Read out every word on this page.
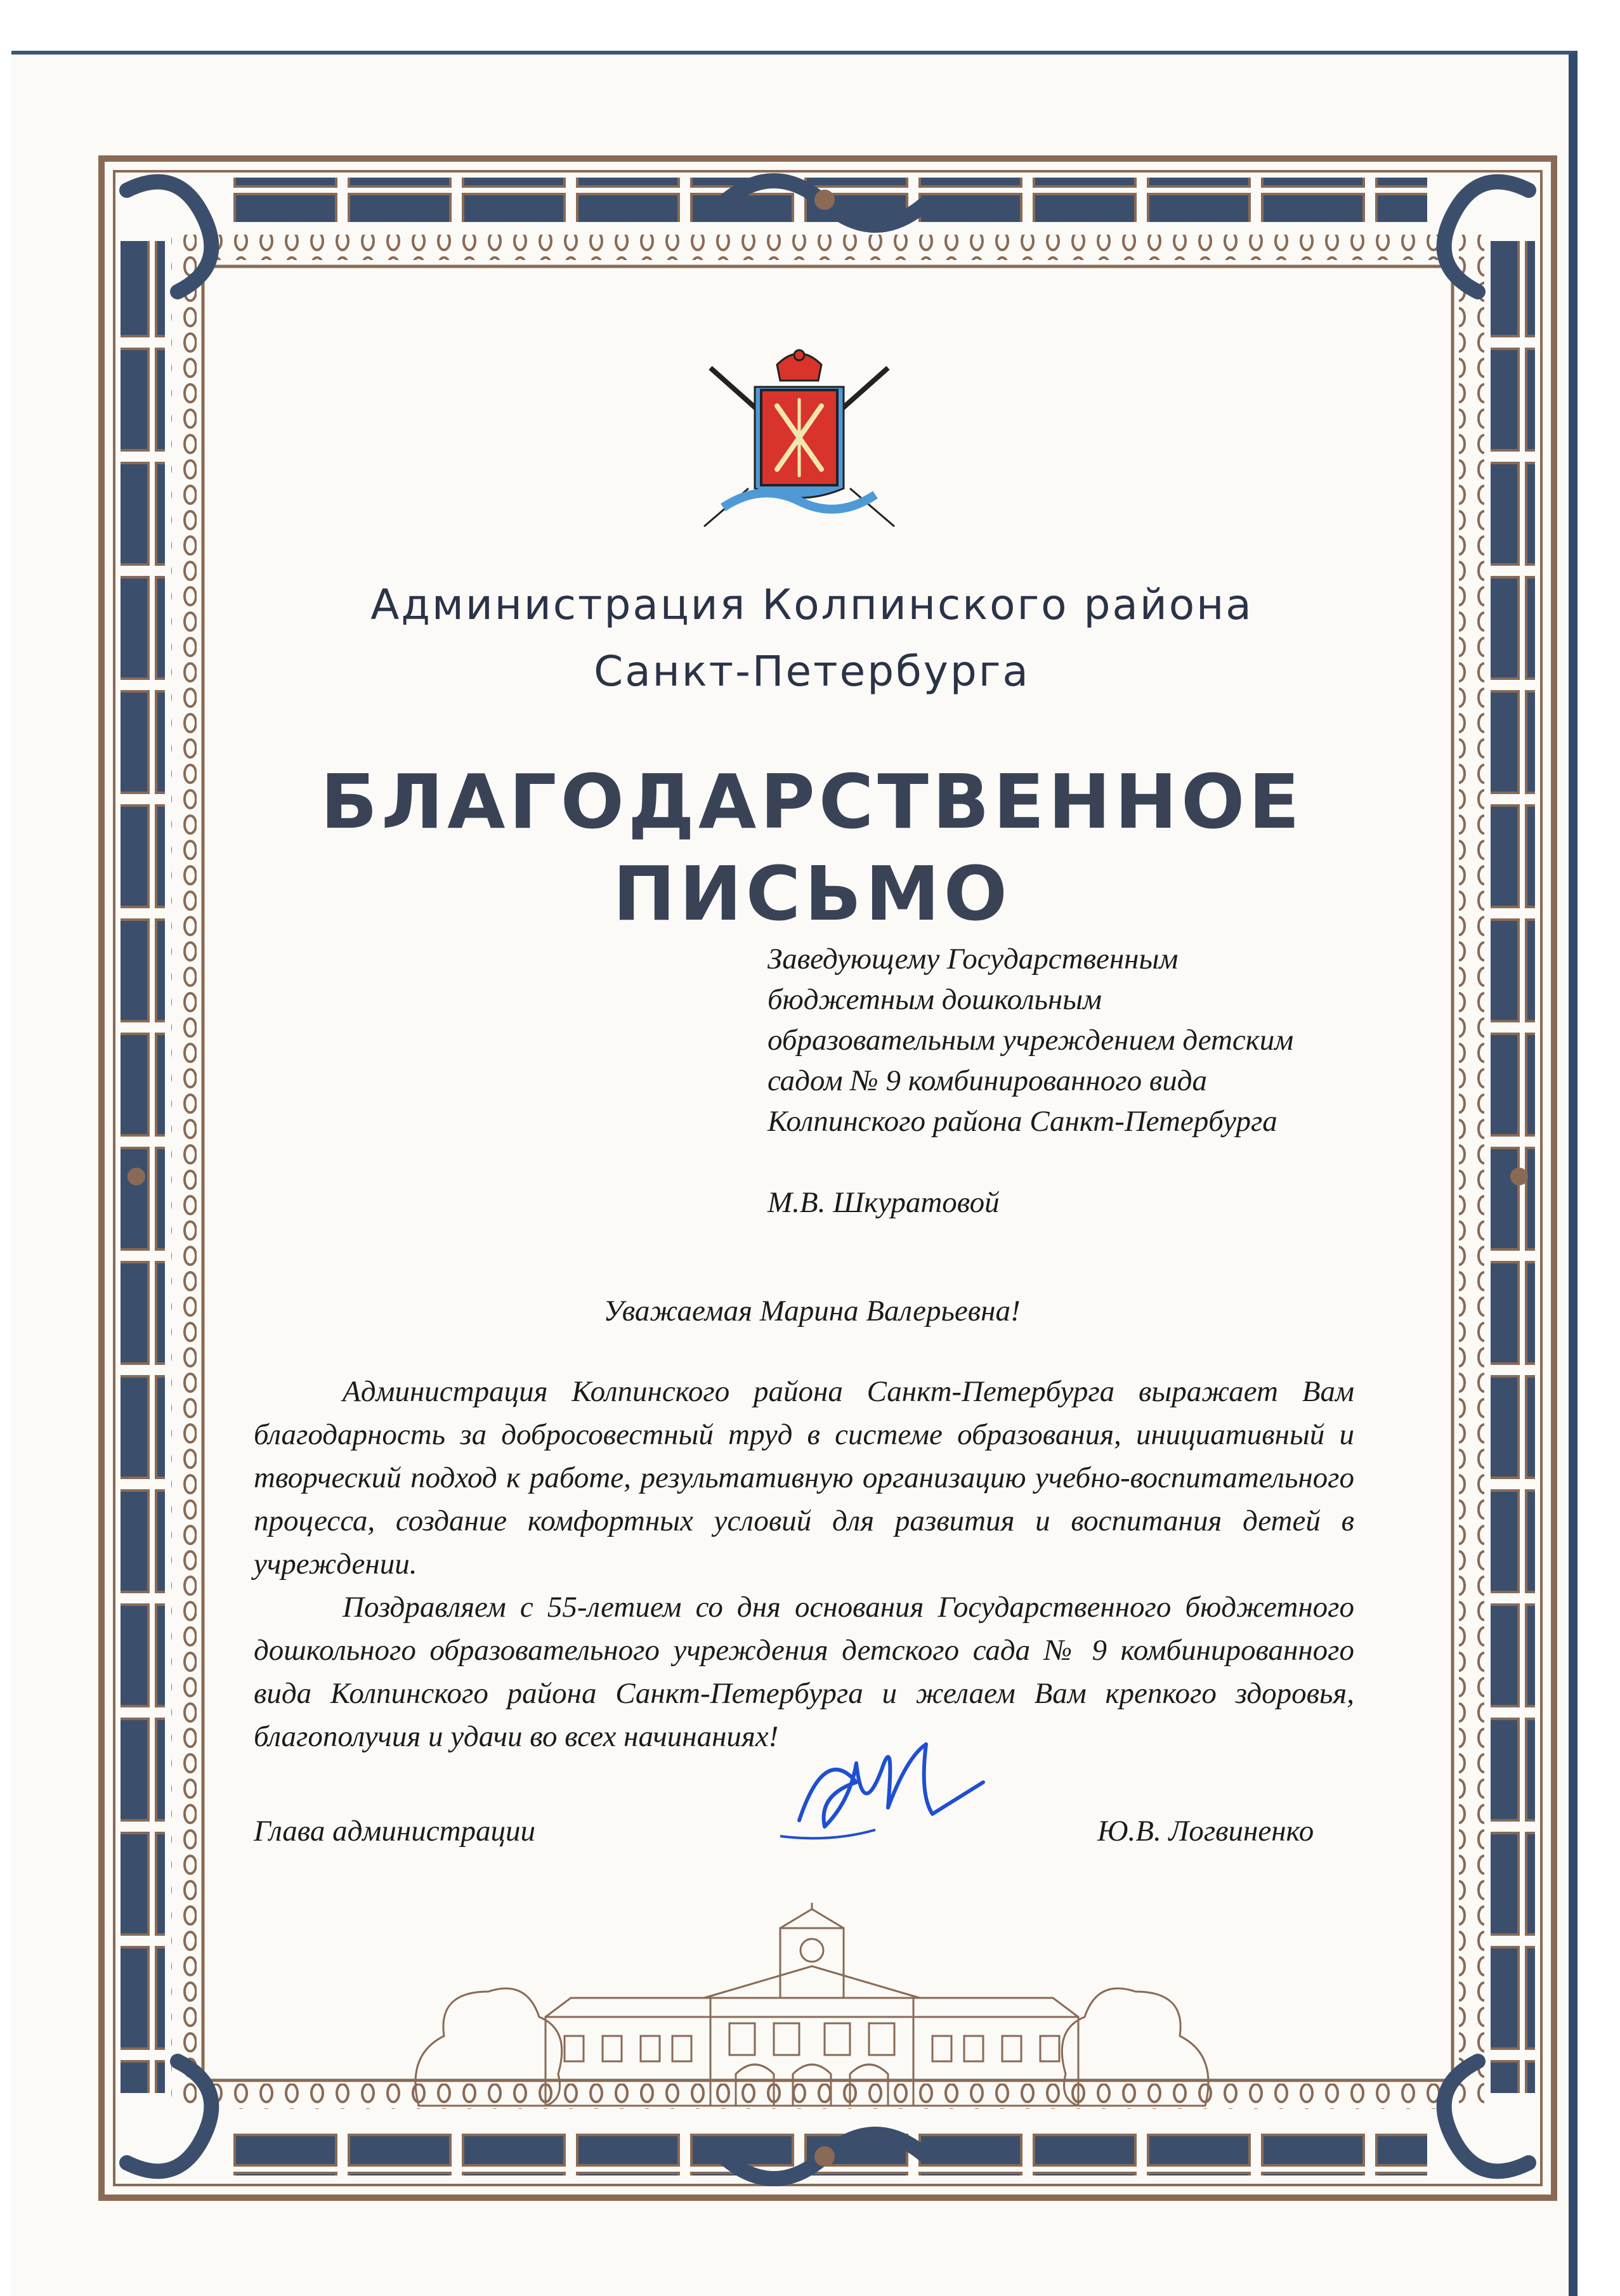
Администрация Колпинского района
Санкт-Петербурга
БЛАГОДАРСТВЕННОЕ
ПИСЬМО
Заведующему Государственным
бюджетным дошкольным
образовательным учреждением детским
садом № 9 комбинированного вида
Колпинского района Санкт-Петербурга
М.В. Шкуратовой
Уважаемая Марина Валерьевна!

Администрация Колпинского района Санкт-Петербурга выражает Вам благодарность за добросовестный труд в системе образования, инициативный и творческий подход к работе, результативную организацию учебно-воспитательного процесса, создание комфортных условий для развития и воспитания детей в учреждении.

Поздравляем с 55-летием со дня основания Государственного бюджетного дошкольного образовательного учреждения детского сада № 9 комбинированного вида Колпинского района Санкт-Петербурга и желаем Вам крепкого здоровья, благополучия и удачи во всех начинаниях!

Глава администрации	Ю.В. Логвиненко
